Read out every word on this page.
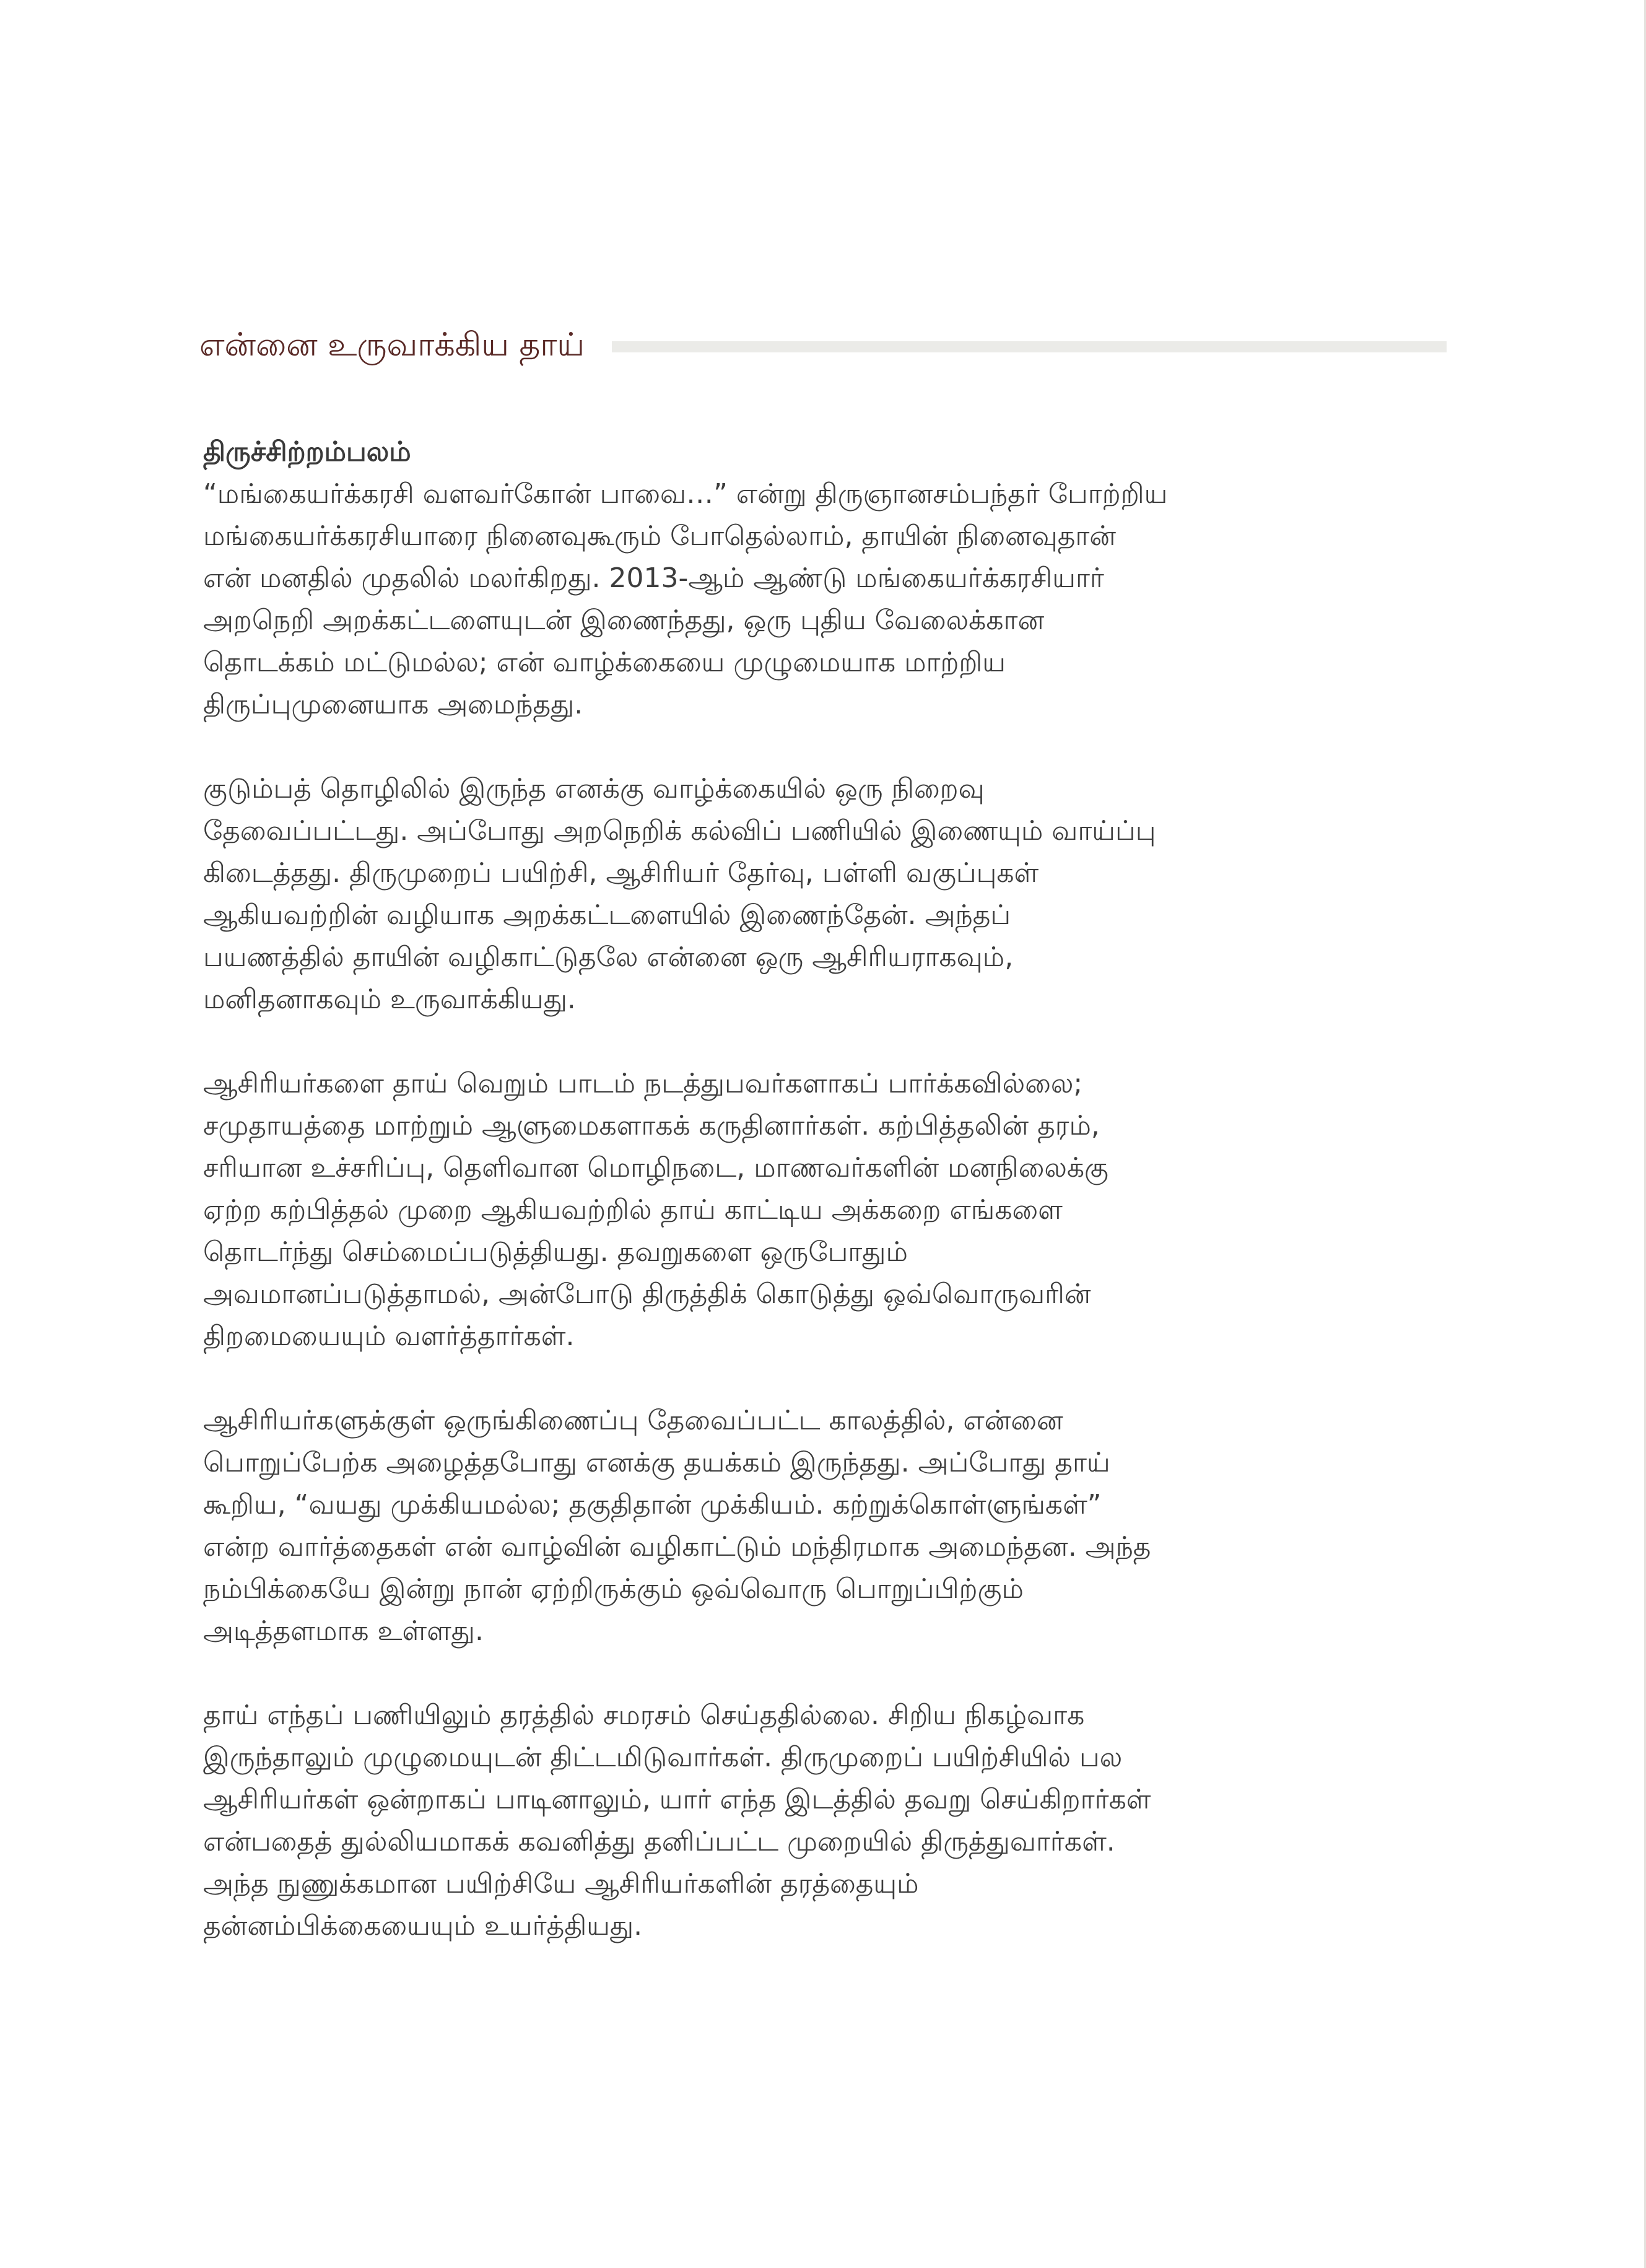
என்னை உருவாக்கிய தாய்

திருச்சிற்றம்பலம்

“மங்கையர்க்கரசி வளவர்கோன் பாவை…” என்று திருஞானசம்பந்தர் போற்றிய
மங்கையர்க்கரசியாரை நினைவுகூரும் போதெல்லாம், தாயின் நினைவுதான்
என் மனதில் முதலில் மலர்கிறது. 2013-ஆம் ஆண்டு மங்கையர்க்கரசியார்
அறநெறி அறக்கட்டளையுடன் இணைந்தது, ஒரு புதிய வேலைக்கான
தொடக்கம் மட்டுமல்ல; என் வாழ்க்கையை முழுமையாக மாற்றிய
திருப்புமுனையாக அமைந்தது.

குடும்பத் தொழிலில் இருந்த எனக்கு வாழ்க்கையில் ஒரு நிறைவு
தேவைப்பட்டது. அப்போது அறநெறிக் கல்விப் பணியில் இணையும் வாய்ப்பு
கிடைத்தது. திருமுறைப் பயிற்சி, ஆசிரியர் தேர்வு, பள்ளி வகுப்புகள்
ஆகியவற்றின் வழியாக அறக்கட்டளையில் இணைந்தேன். அந்தப்
பயணத்தில் தாயின் வழிகாட்டுதலே என்னை ஒரு ஆசிரியராகவும்,
மனிதனாகவும் உருவாக்கியது.

ஆசிரியர்களை தாய் வெறும் பாடம் நடத்துபவர்களாகப் பார்க்கவில்லை;
சமுதாயத்தை மாற்றும் ஆளுமைகளாகக் கருதினார்கள். கற்பித்தலின் தரம்,
சரியான உச்சரிப்பு, தெளிவான மொழிநடை, மாணவர்களின் மனநிலைக்கு
ஏற்ற கற்பித்தல் முறை ஆகியவற்றில் தாய் காட்டிய அக்கறை எங்களை
தொடர்ந்து செம்மைப்படுத்தியது. தவறுகளை ஒருபோதும்
அவமானப்படுத்தாமல், அன்போடு திருத்திக் கொடுத்து ஒவ்வொருவரின்
திறமையையும் வளர்த்தார்கள்.

ஆசிரியர்களுக்குள் ஒருங்கிணைப்பு தேவைப்பட்ட காலத்தில், என்னை
பொறுப்பேற்க அழைத்தபோது எனக்கு தயக்கம் இருந்தது. அப்போது தாய்
கூறிய, “வயது முக்கியமல்ல; தகுதிதான் முக்கியம். கற்றுக்கொள்ளுங்கள்”
என்ற வார்த்தைகள் என் வாழ்வின் வழிகாட்டும் மந்திரமாக அமைந்தன. அந்த
நம்பிக்கையே இன்று நான் ஏற்றிருக்கும் ஒவ்வொரு பொறுப்பிற்கும்
அடித்தளமாக உள்ளது.

தாய் எந்தப் பணியிலும் தரத்தில் சமரசம் செய்ததில்லை. சிறிய நிகழ்வாக
இருந்தாலும் முழுமையுடன் திட்டமிடுவார்கள். திருமுறைப் பயிற்சியில் பல
ஆசிரியர்கள் ஒன்றாகப் பாடினாலும், யார் எந்த இடத்தில் தவறு செய்கிறார்கள்
என்பதைத் துல்லியமாகக் கவனித்து தனிப்பட்ட முறையில் திருத்துவார்கள்.
அந்த நுணுக்கமான பயிற்சியே ஆசிரியர்களின் தரத்தையும்
தன்னம்பிக்கையையும் உயர்த்தியது.
